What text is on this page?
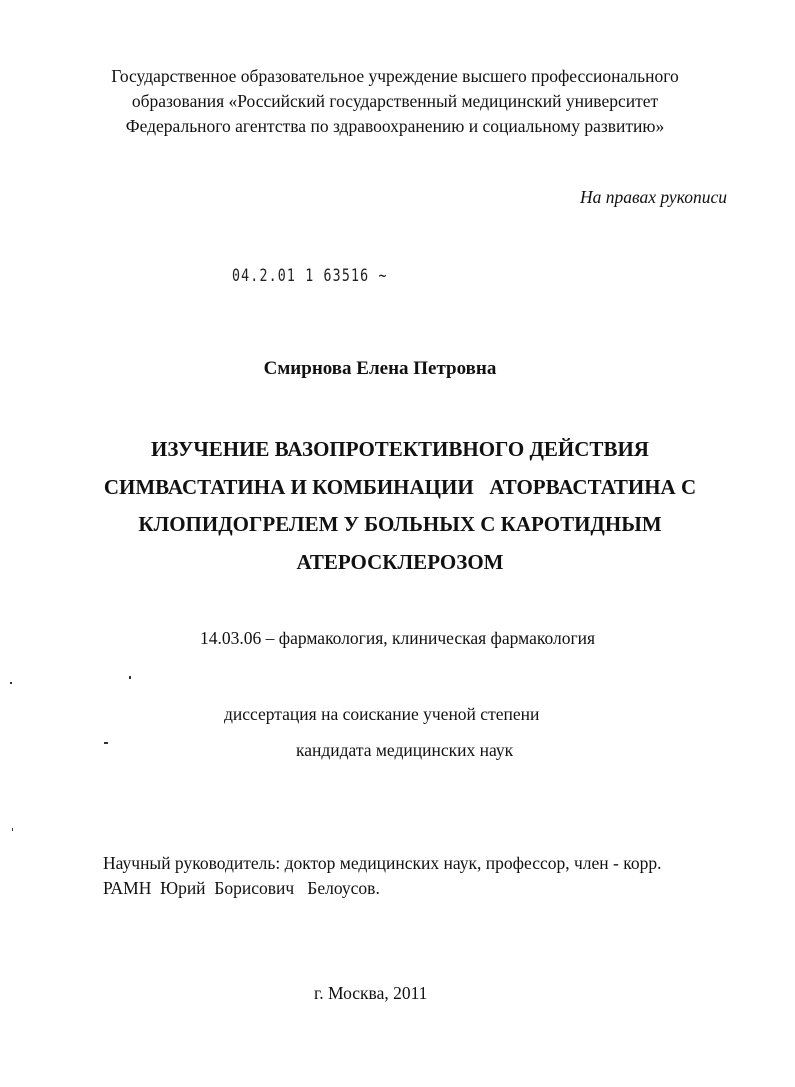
Государственное образовательное учреждение высшего профессионального
образования «Российский государственный медицинский университет
Федерального агентства по здравоохранению и социальному развитию»
На правах рукописи
04.2.01 1 63516 ~
Смирнова Елена Петровна
ИЗУЧЕНИЕ ВАЗОПРОТЕКТИВНОГО ДЕЙСТВИЯ
СИМВАСТАТИНА И КОМБИНАЦИИ   АТОРВАСТАТИНА С
КЛОПИДОГРЕЛЕМ У БОЛЬНЫХ С КАРОТИДНЫМ
АТЕРОСКЛЕРОЗОМ
14.03.06 – фармакология, клиническая фармакология
диссертация на соискание ученой степени
кандидата медицинских наук
Научный руководитель: доктор медицинских наук, профессор, член - корр.
РАМН  Юрий  Борисович   Белоусов.
г. Москва, 2011
